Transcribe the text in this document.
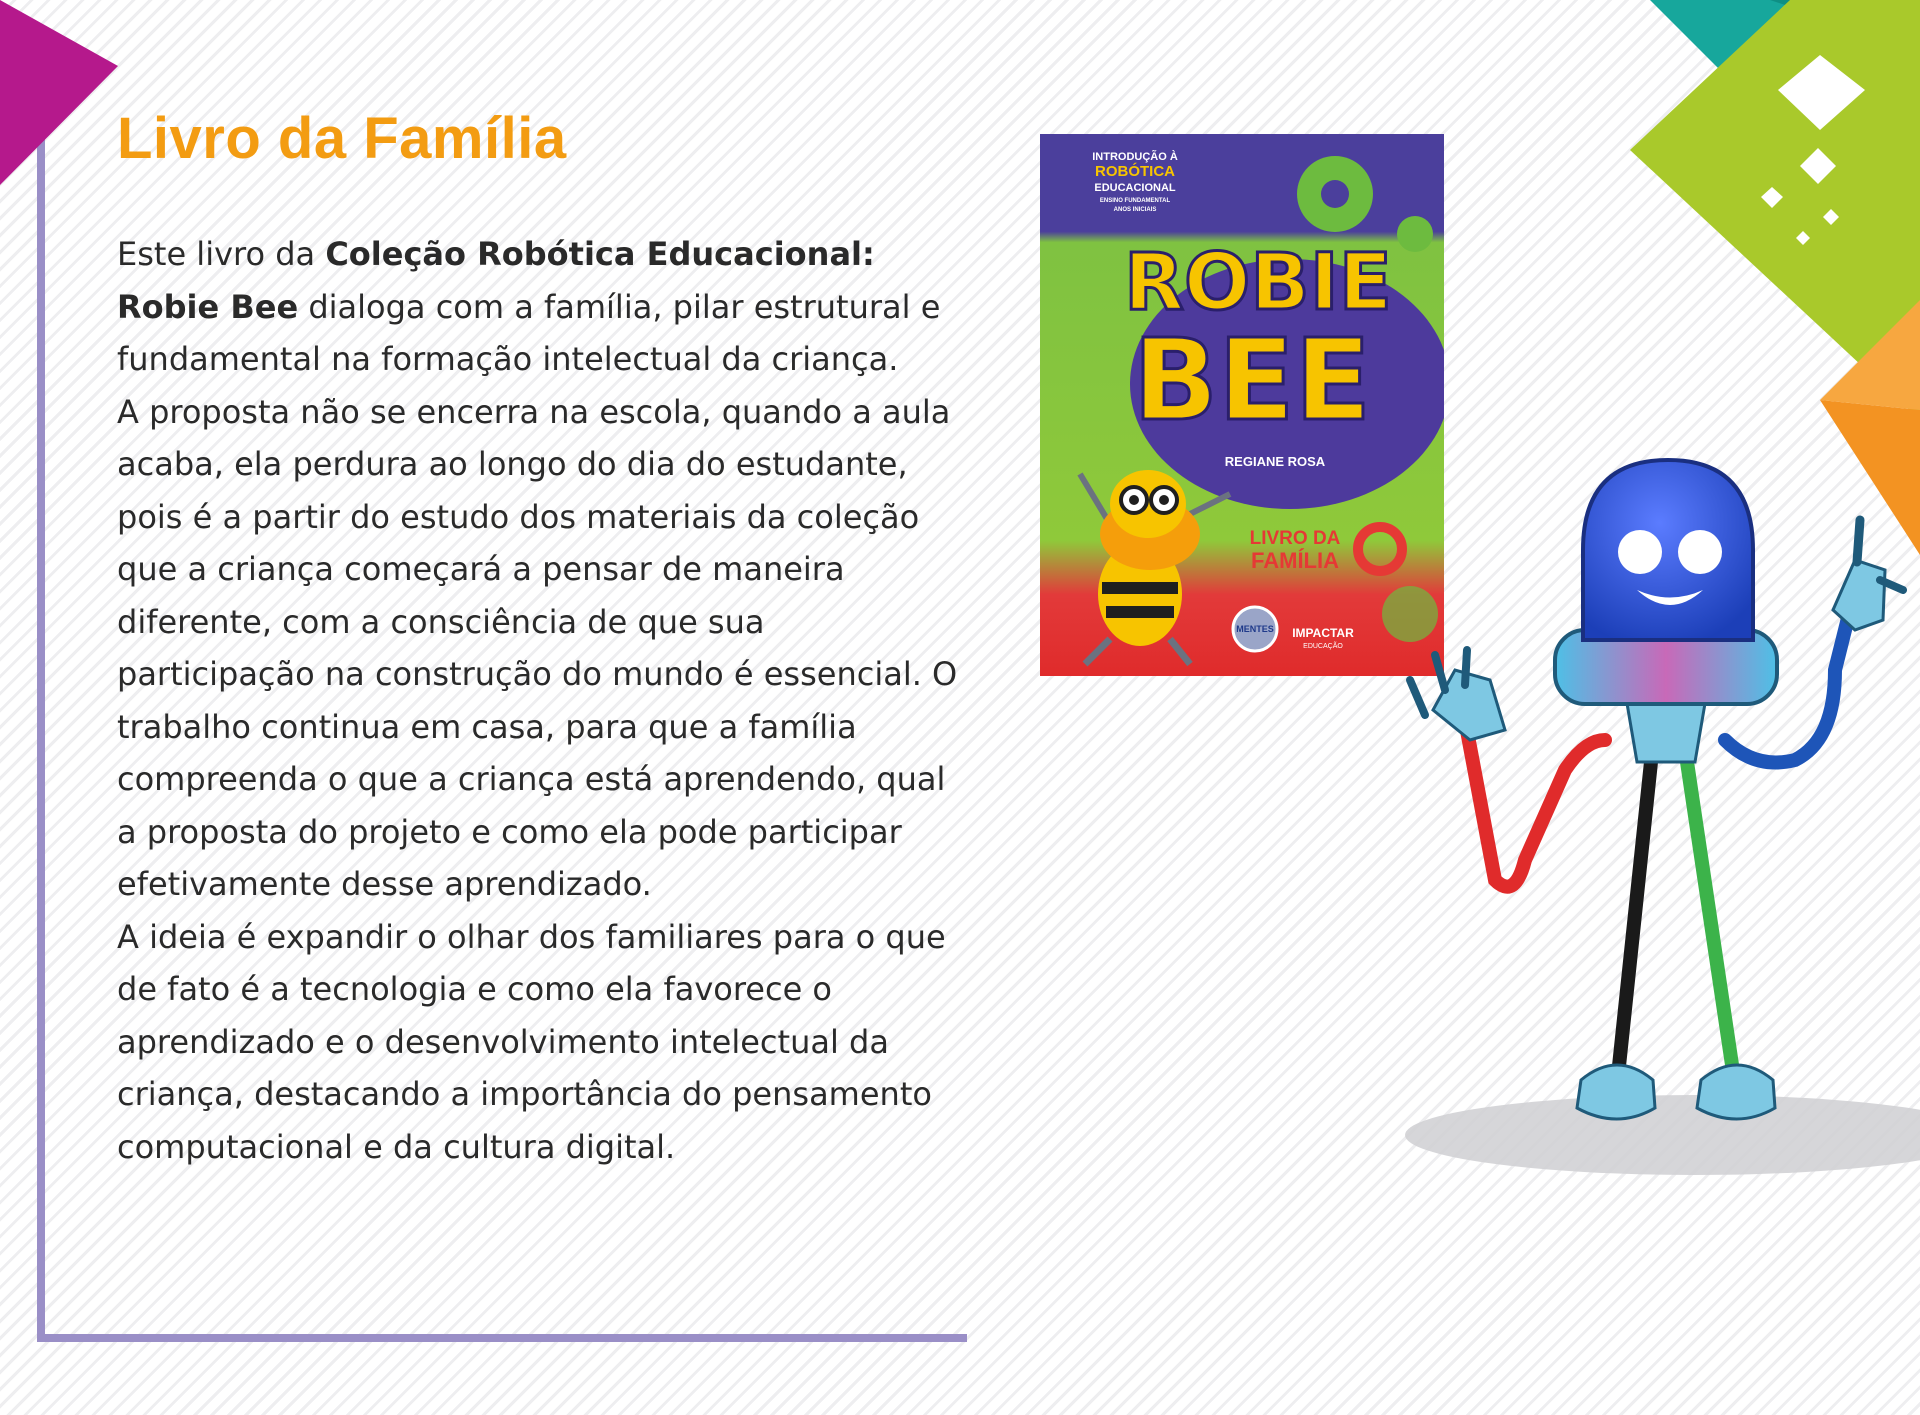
Livro da Família

Este livro da Coleção Robótica Educacional: Robie Bee dialoga com a família, pilar estrutural e fundamental na formação intelectual da criança.

A proposta não se encerra na escola, quando a aula acaba, ela perdura ao longo do dia do estudante, pois é a partir do estudo dos materiais da coleção que a criança começará a pensar de maneira diferente, com a consciência de que sua participação na construção do mundo é essencial. O trabalho continua em casa, para que a família compreenda o que a criança está aprendendo, qual a proposta do projeto e como ela pode participar efetivamente desse aprendizado.

A ideia é expandir o olhar dos familiares para o que de fato é a tecnologia e como ela favorece o aprendizado e o desenvolvimento intelectual da criança, destacando a importância do pensamento computacional e da cultura digital.

INTRODUÇÃO À
ROBÓTICA
EDUCACIONAL
ENSINO FUNDAMENTAL
ANOS INICIAIS
ROBIE
BEE
REGIANE ROSA
LIVRO DA
FAMÍLIA
MENTES IMPACTAR
EDUCAÇÃO
